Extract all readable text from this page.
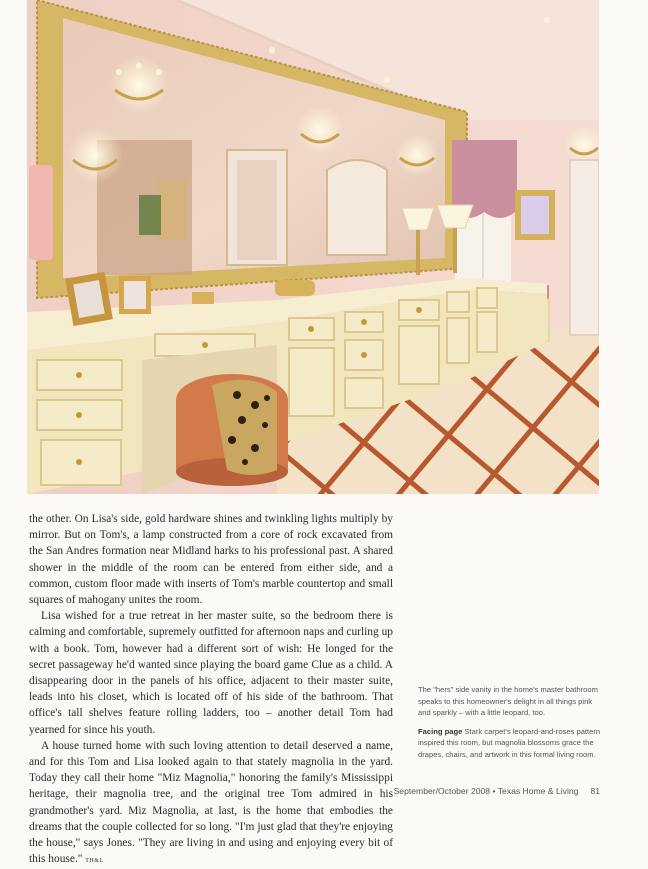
the other. On Lisa's side, gold hardware shines and twinkling lights multiply by mirror. But on Tom's, a lamp constructed from a core of rock excavated from the San Andres formation near Midland harks to his professional past. A shared shower in the middle of the room can be entered from either side, and a common, custom floor made with inserts of Tom's marble countertop and small squares of mahogany unites the room.

Lisa wished for a true retreat in her master suite, so the bedroom there is calming and comfortable, supremely outfitted for afternoon naps and curling up with a book. Tom, however had a different sort of wish: He longed for the secret passageway he'd wanted since playing the board game Clue as a child. A disappearing door in the panels of his office, adjacent to their master suite, leads into his closet, which is located off of his side of the bathroom. That office's tall shelves feature rolling ladders, too – another detail Tom had yearned for since his youth.

A house turned home with such loving attention to detail deserved a name, and for this Tom and Lisa looked again to that stately magnolia in the yard. Today they call their home "Miz Magnolia," honoring the family's Mississippi heritage, their magnolia tree, and the original tree Tom admired in his grandmother's yard. Miz Magnolia, at last, is the home that embodies the dreams that the couple collected for so long. "I'm just glad that they're enjoying the house," says Jones. "They are living in and using and enjoying every bit of this house." TH&L

The "hers" side vanity in the home's master bathroom speaks to this homeowner's delight in all things pink and sparkly – with a little leopard, too.

Facing page Stark carpet's leopard-and-roses pattern inspired this room, but magnolia blossoms grace the drapes, chairs, and artwork in this formal living room.

September/October 2008 • Texas Home & Living 81
